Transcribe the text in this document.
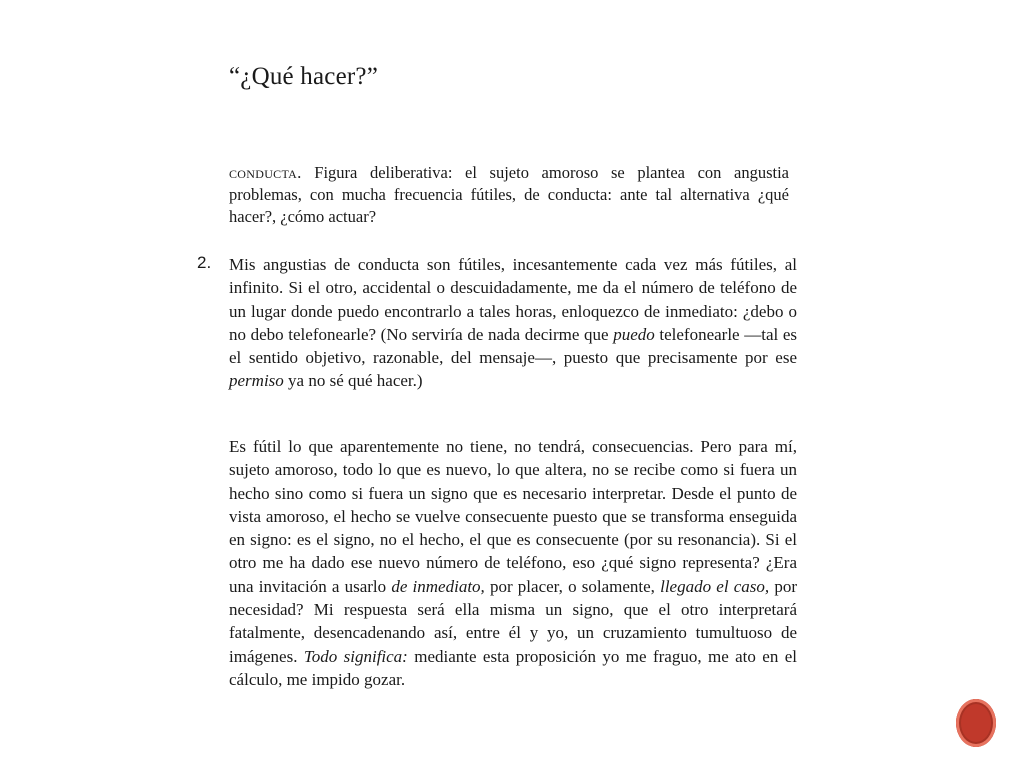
“¿Qué hacer?”
conducta. Figura deliberativa: el sujeto amoroso se plantea con angustia problemas, con mucha frecuencia fútiles, de conducta: ante tal alternativa ¿qué hacer?, ¿cómo actuar?
2. Mis angustias de conducta son fútiles, incesantemente cada vez más fútiles, al infinito. Si el otro, accidental o descuidadamente, me da el número de teléfono de un lugar donde puedo encontrarlo a tales horas, enloquezco de inmediato: ¿debo o no debo telefonearle? (No serviría de nada decirme que puedo telefonearle —tal es el sentido objetivo, razonable, del mensaje—, puesto que precisamente por ese permiso ya no sé qué hacer.)
Es fútil lo que aparentemente no tiene, no tendrá, consecuencias. Pero para mí, sujeto amoroso, todo lo que es nuevo, lo que altera, no se recibe como si fuera un hecho sino como si fuera un signo que es necesario interpretar. Desde el punto de vista amoroso, el hecho se vuelve consecuente puesto que se transforma enseguida en signo: es el signo, no el hecho, el que es consecuente (por su resonancia). Si el otro me ha dado ese nuevo número de teléfono, eso ¿qué signo representa? ¿Era una invitación a usarlo de inmediato, por placer, o solamente, llegado el caso, por necesidad? Mi respuesta será ella misma un signo, que el otro interpretará fatalmente, desencadenando así, entre él y yo, un cruzamiento tumultuoso de imágenes. Todo significa: mediante esta proposición yo me fraguo, me ato en el cálculo, me impido gozar.
